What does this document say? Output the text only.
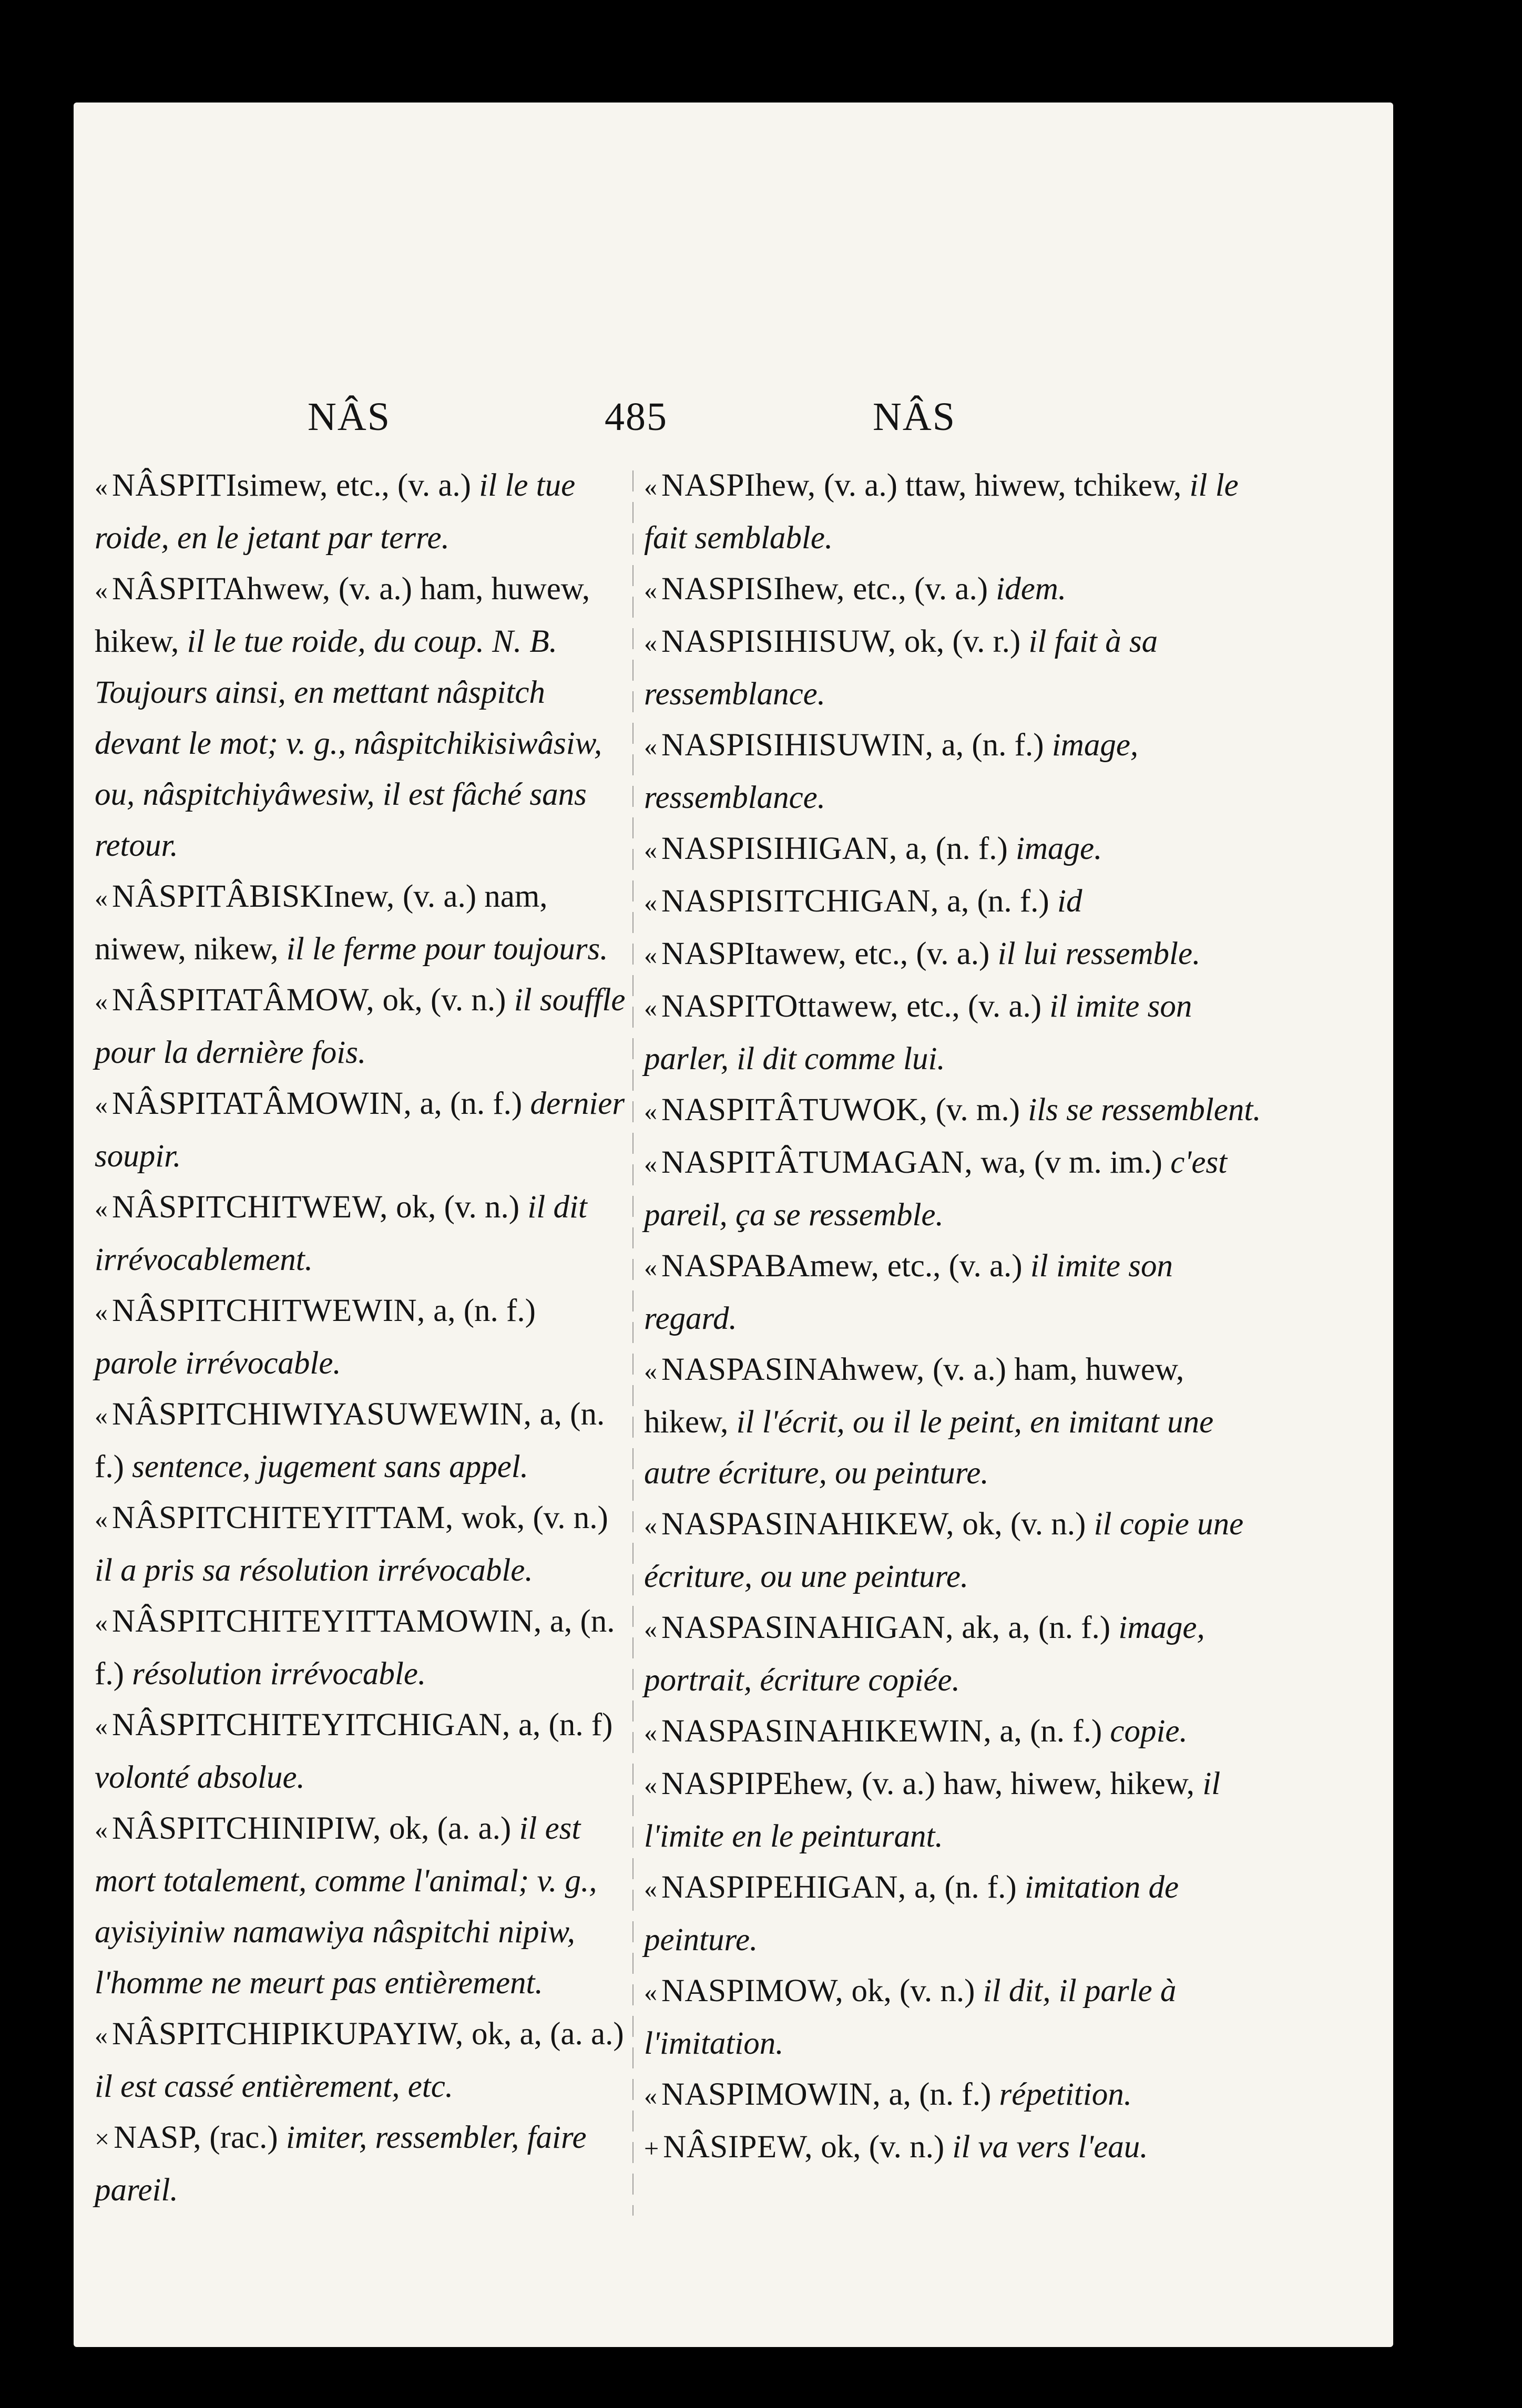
NÂS	485	NÂS

« NÂSPITIsimew, etc., (v. a.) il le tue roide, en le jetant par terre.

« NÂSPITAhwew, (v. a.) ham, huwew, hikew, il le tue roide, du coup. N. B. Toujours ainsi, en mettant nâspitch devant le mot; v. g., nâspitchikisiwâsiw, ou, nâspitchiyâwesiw, il est fâché sans retour.

« NÂSPITÂBISKInew, (v. a.) nam, niwew, nikew, il le ferme pour toujours.

« NÂSPITATÂMOW, ok, (v. n.) il souffle pour la dernière fois.

« NÂSPITATÂMOWIN, a, (n. f.) dernier soupir.

« NÂSPITCHITWEW, ok, (v. n.) il dit irrévocablement.

« NÂSPITCHITWEWIN, a, (n. f.) parole irrévocable.

« NÂSPITCHIWIYASUWEWIN, a, (n. f.) sentence, jugement sans appel.

« NÂSPITCHITEYITTAM, wok, (v. n.) il a pris sa résolution irrévocable.

« NÂSPITCHITEYITTAMOWIN, a, (n. f.) résolution irrévocable.

« NÂSPITCHITEYITCHIGAN, a, (n. f) volonté absolue.

« NÂSPITCHINIPIW, ok, (a. a.) il est mort totalement, comme l'animal; v. g., ayisiyiniw namawiya nâspitchi nipiw, l'homme ne meurt pas entièrement.

« NÂSPITCHIPIKUPAYIW, ok, a, (a. a.) il est cassé entièrement, etc.

× NASP, (rac.) imiter, ressembler, faire pareil.

« NASPIhew, (v. a.) ttaw, hiwew, tchikew, il le fait semblable.

« NASPISIhew, etc., (v. a.) idem.

« NASPISIHISUW, ok, (v. r.) il fait à sa ressemblance.

« NASPISIHISUWIN, a, (n. f.) image, ressemblance.

« NASPISIHIGAN, a, (n. f.) image.

« NASPISITCHIGAN, a, (n. f.) id

« NASPItawew, etc., (v. a.) il lui ressemble.

« NASPITOttawew, etc., (v. a.) il imite son parler, il dit comme lui.

« NASPITÂTUWOK, (v. m.) ils se ressemblent.

« NASPITÂTUMAGAN, wa, (v m. im.) c'est pareil, ça se ressemble.

« NASPABAmew, etc., (v. a.) il imite son regard.

« NASPASINAhwew, (v. a.) ham, huwew, hikew, il l'écrit, ou il le peint, en imitant une autre écriture, ou peinture.

« NASPASINAHIKEW, ok, (v. n.) il copie une écriture, ou une peinture.

« NASPASINAHIGAN, ak, a, (n. f.) image, portrait, écriture copiée.

« NASPASINAHIKEWIN, a, (n. f.) copie.

« NASPIPEhew, (v. a.) haw, hiwew, hikew, il l'imite en le peinturant.

« NASPIPEHIGAN, a, (n. f.) imitation de peinture.

« NASPIMOW, ok, (v. n.) il dit, il parle à l'imitation.

« NASPIMOWIN, a, (n. f.) répetition.

+ NÂSIPEW, ok, (v. n.) il va vers l'eau.
